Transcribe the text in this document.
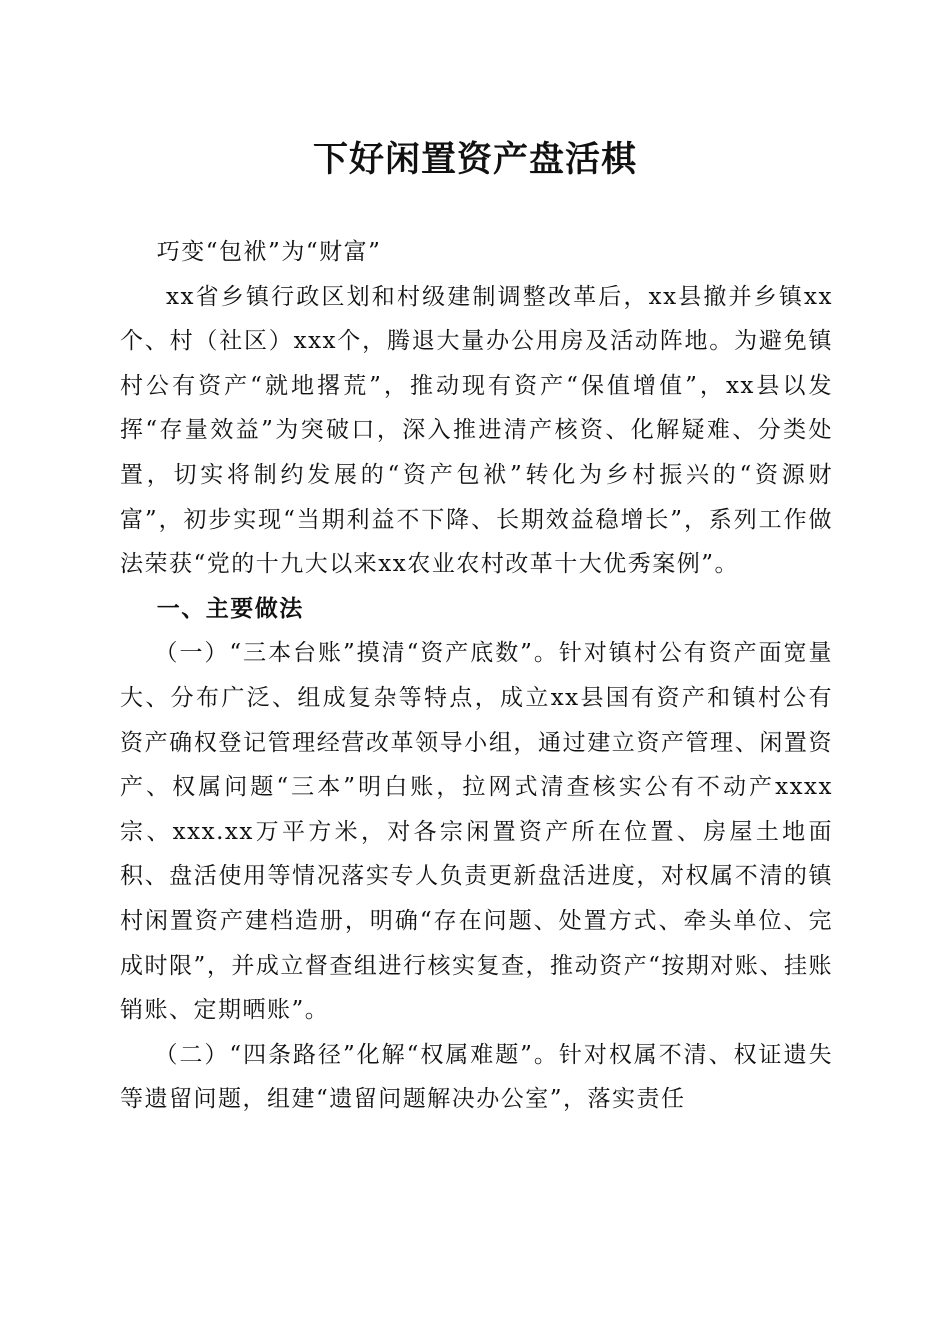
下好闲置资产盘活棋

巧变“包袱”为“财富”

xx省乡镇行政区划和村级建制调整改革后，xx县撤并乡镇xx个、村（社区）xxx个，腾退大量办公用房及活动阵地。为避免镇村公有资产“就地撂荒”，推动现有资产“保值增值”，xx县以发挥“存量效益”为突破口，深入推进清产核资、化解疑难、分类处置，切实将制约发展的“资产包袱”转化为乡村振兴的“资源财富”，初步实现“当期利益不下降、长期效益稳增长”，系列工作做法荣获“党的十九大以来xx农业农村改革十大优秀案例”。

一、主要做法

（一）“三本台账”摸清“资产底数”。针对镇村公有资产面宽量大、分布广泛、组成复杂等特点，成立xx县国有资产和镇村公有资产确权登记管理经营改革领导小组，通过建立资产管理、闲置资产、权属问题“三本”明白账，拉网式清查核实公有不动产xxxx宗、xxx.xx万平方米，对各宗闲置资产所在位置、房屋土地面积、盘活使用等情况落实专人负责更新盘活进度，对权属不清的镇村闲置资产建档造册，明确“存在问题、处置方式、牵头单位、完成时限”，并成立督查组进行核实复查，推动资产“按期对账、挂账销账、定期晒账”。

（二）“四条路径”化解“权属难题”。针对权属不清、权证遗失等遗留问题，组建“遗留问题解决办公室”，落实责任
